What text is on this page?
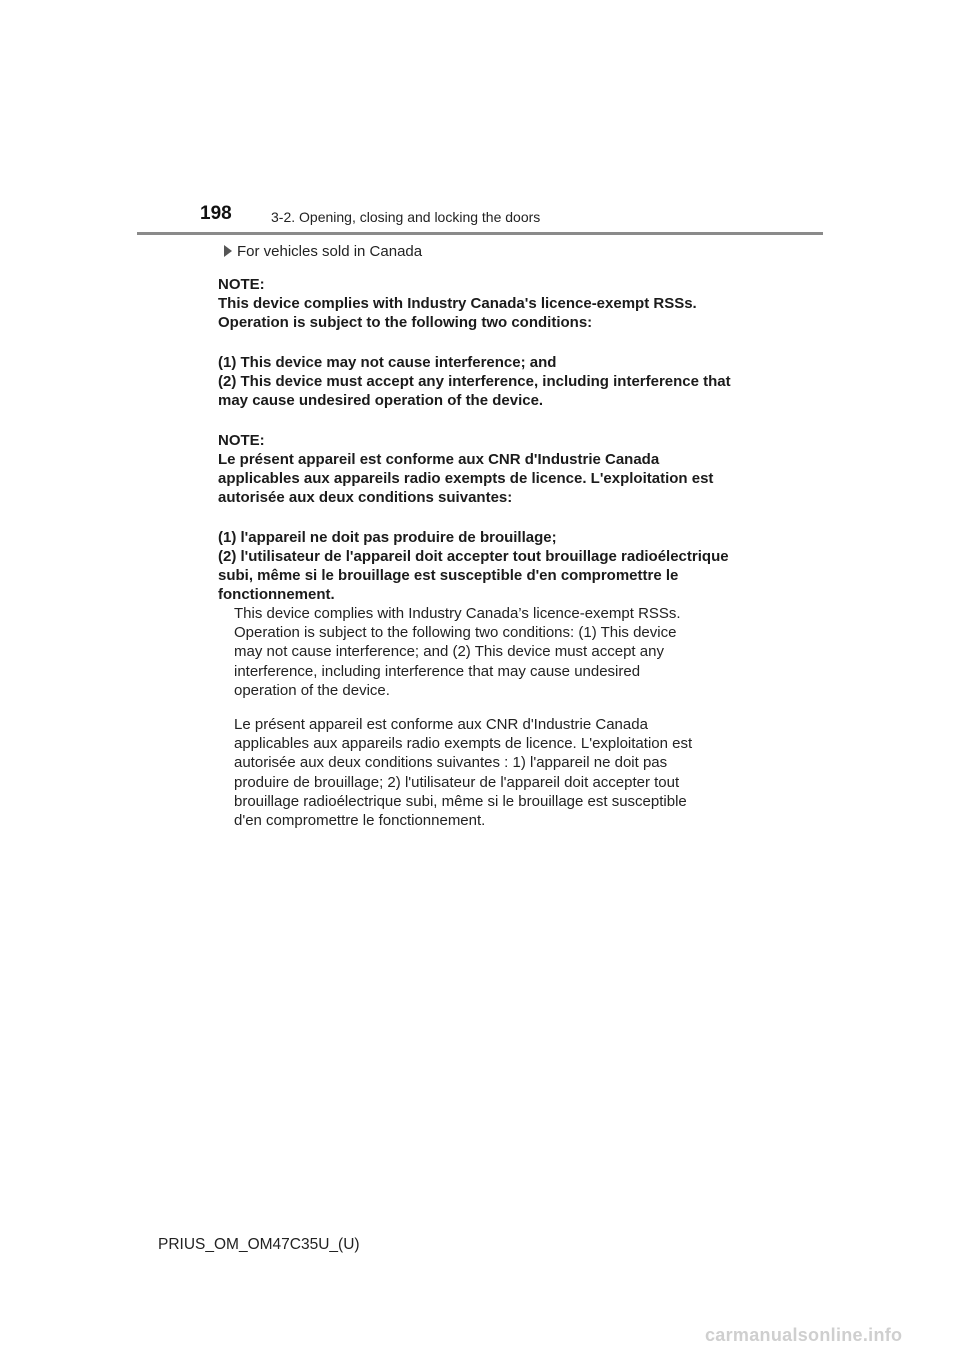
198	3-2. Opening, closing and locking the doors
For vehicles sold in Canada
NOTE:
This device complies with Industry Canada's licence-exempt RSSs.
Operation is subject to the following two conditions:
(1) This device may not cause interference; and
(2) This device must accept any interference, including interference that
may cause undesired operation of the device.
NOTE:
Le présent appareil est conforme aux CNR d'Industrie Canada
applicables aux appareils radio exempts de licence. L'exploitation est
autorisée aux deux conditions suivantes:
(1) l'appareil ne doit pas produire de brouillage;
(2) l'utilisateur de l'appareil doit accepter tout brouillage radioélectrique
subi, même si le brouillage est susceptible d'en compromettre le
fonctionnement.
This device complies with Industry Canada’s licence-exempt RSSs.
Operation is subject to the following two conditions: (1) This device
may not cause interference; and (2) This device must accept any
interference, including interference that may cause undesired
operation of the device.
Le présent appareil est conforme aux CNR d'Industrie Canada
applicables aux appareils radio exempts de licence. L'exploitation est
autorisée aux deux conditions suivantes : 1) l'appareil ne doit pas
produire de brouillage; 2) l'utilisateur de l'appareil doit accepter tout
brouillage radioélectrique subi, même si le brouillage est susceptible
d'en compromettre le fonctionnement.
PRIUS_OM_OM47C35U_(U)
carmanualsonline.info
